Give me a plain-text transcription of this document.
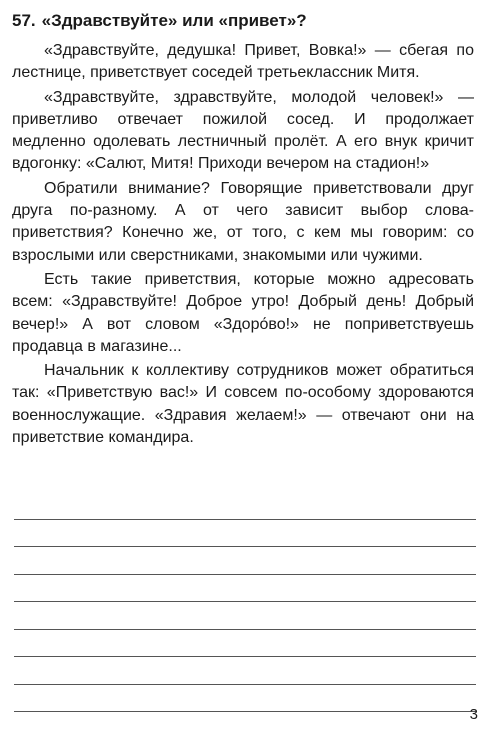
57. «Здравствуйте» или «привет»?

«Здравствуйте, дедушка! Привет, Вовка!» — сбегая по лестнице, приветствует соседей третьеклассник Митя.

«Здравствуйте, здравствуйте, молодой человек!» — приветливо отвечает пожилой сосед. И продолжает медленно одолевать лестничный пролёт. А его внук кричит вдогонку: «Салют, Митя! Приходи вечером на стадион!»

Обратили внимание? Говорящие приветствовали друг друга по-разному. А от чего зависит выбор слова-приветствия? Конечно же, от того, с кем мы говорим: со взрослыми или сверстниками, знакомыми или чужими.

Есть такие приветствия, которые можно адресовать всем: «Здравствуйте! Доброе утро! Добрый день! Добрый вечер!» А вот словом «Здоро́во!» не поприветствуешь продавца в магазине...

Начальник к коллективу сотрудников может обратиться так: «Приветствую вас!» И совсем по-особому здороваются военнослужащие. «Здравия желаем!» — отвечают они на приветствие командира.

3
